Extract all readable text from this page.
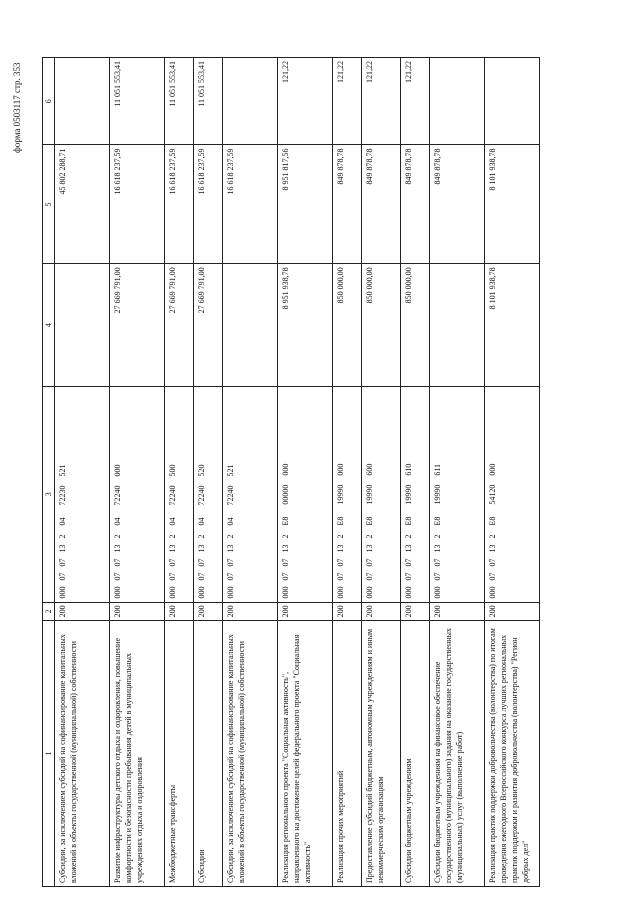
форма 0503117 стр. 353
1	2	3	4	5	6
Субсидии, за исключением субсидий на софинансирование капитальных вложений в объекты государственной (муниципальной) собственности	200	000  07  07  13  2   04    72230   521		45 802 288,71	
Развитие инфраструктуры детского отдыха и оздоровления, повышение комфортности и безопасности пребывания детей в муниципальных учреждениях отдыха и оздоровления	200	000  07  07  13  2   04    72240   000	27 669 791,00	16 618 237,59	11 051 553,41
Межбюджетные трансферты	200	000  07  07  13  2   04    72240   500	27 669 791,00	16 618 237,59	11 051 553,41
Субсидии	200	000  07  07  13  2   04    72240   520	27 669 791,00	16 618 237,59	11 051 553,41
Субсидии, за исключением субсидий на софинансирование капитальных вложений в объекты государственной (муниципальной) собственности	200	000  07  07  13  2   04    72240   521		16 618 237,59	
Реализация регионального проекта "Социальная активность", направленного на достижение целей федерального проекта "Социальная активность"	200	000  07  07  13  2   E8    00000   000	8 951 938,78	8 951 817,56	121,22
Реализация прочих мероприятий	200	000  07  07  13  2   E8    19990   000	850 000,00	849 878,78	121,22
Предоставление субсидий бюджетным, автономным учреждениям и иным некоммерческим организациям	200	000  07  07  13  2   E8    19990   600	850 000,00	849 878,78	121,22
Субсидии бюджетным учреждениям	200	000  07  07  13  2   E8    19990   610	850 000,00	849 878,78	121,22
Субсидии бюджетным учреждениям на финансовое обеспечение государственного (муниципального) задания на оказание государственных (муниципальных) услуг (выполнение работ)	200	000  07  07  13  2   E8    19990   611		849 878,78	
Реализация практик поддержки добровольчества (волонтерства) по итогам проведения ежегодного Всероссийского конкурса лучших региональных практик поддержки и развития добровольчества (волонтерства) "Регион добрых дел"	200	000  07  07  13  2   E8    54120   000	8 101 938,78	8 101 938,78	
